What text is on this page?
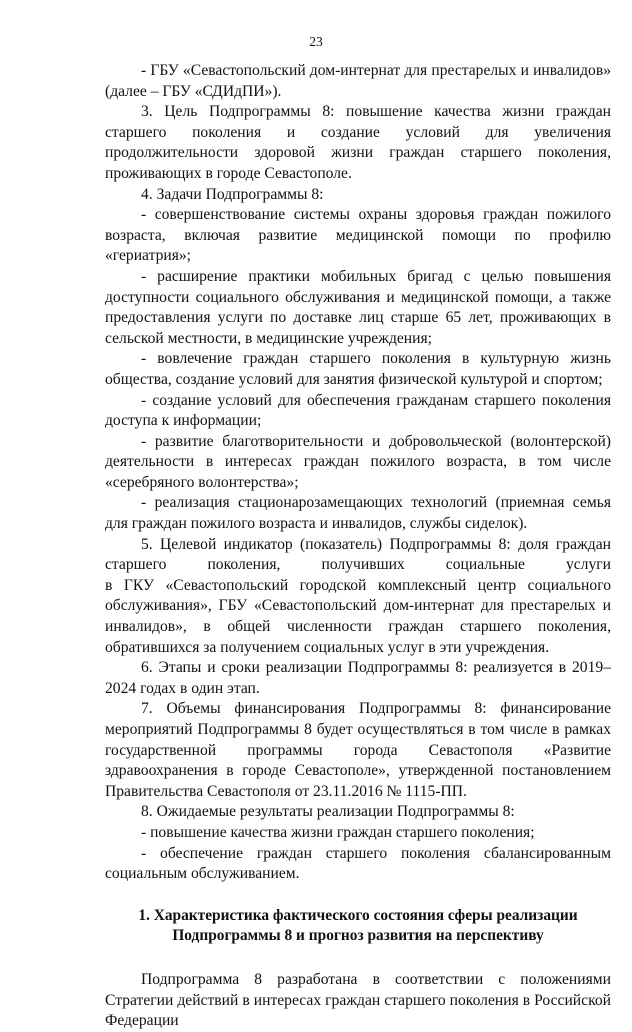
23

- ГБУ «Севастопольский дом-интернат для престарелых и инвалидов» (далее – ГБУ «СДИдПИ»).

3. Цель Подпрограммы 8: повышение качества жизни граждан старшего поколения и создание условий для увеличения продолжительности здоровой жизни граждан старшего поколения, проживающих в городе Севастополе.

4. Задачи Подпрограммы 8:

- совершенствование системы охраны здоровья граждан пожилого возраста, включая развитие медицинской помощи по профилю «гериатрия»;

- расширение практики мобильных бригад с целью повышения доступности социального обслуживания и медицинской помощи, а также предоставления услуги по доставке лиц старше 65 лет, проживающих в сельской местности, в медицинские учреждения;

- вовлечение граждан старшего поколения в культурную жизнь общества, создание условий для занятия физической культурой и спортом;

- создание условий для обеспечения гражданам старшего поколения доступа к информации;

- развитие благотворительности и добровольческой (волонтерской) деятельности в интересах граждан пожилого возраста, в том числе «серебряного волонтерства»;

- реализация стационарозамещающих технологий (приемная семья для граждан пожилого возраста и инвалидов, службы сиделок).

5. Целевой индикатор (показатель) Подпрограммы 8: доля граждан старшего поколения, получивших социальные услуги

в ГКУ «Севастопольский городской комплексный центр социального обслуживания», ГБУ «Севастопольский дом-интернат для престарелых и инвалидов», в общей численности граждан старшего поколения, обратившихся за получением социальных услуг в эти учреждения.

6. Этапы и сроки реализации Подпрограммы 8: реализуется в 2019–2024 годах в один этап.

7. Объемы финансирования Подпрограммы 8: финансирование мероприятий Подпрограммы 8 будет осуществляться в том числе в рамках государственной программы города Севастополя «Развитие здравоохранения в городе Севастополе», утвержденной постановлением Правительства Севастополя от 23.11.2016 № 1115-ПП.

8. Ожидаемые результаты реализации Подпрограммы 8:

- повышение качества жизни граждан старшего поколения;

- обеспечение граждан старшего поколения сбалансированным социальным обслуживанием.

1. Характеристика фактического состояния сферы реализации
Подпрограммы 8 и прогноз развития на перспективу

Подпрограмма 8 разработана в соответствии с положениями Стратегии действий в интересах граждан старшего поколения в Российской Федерации
